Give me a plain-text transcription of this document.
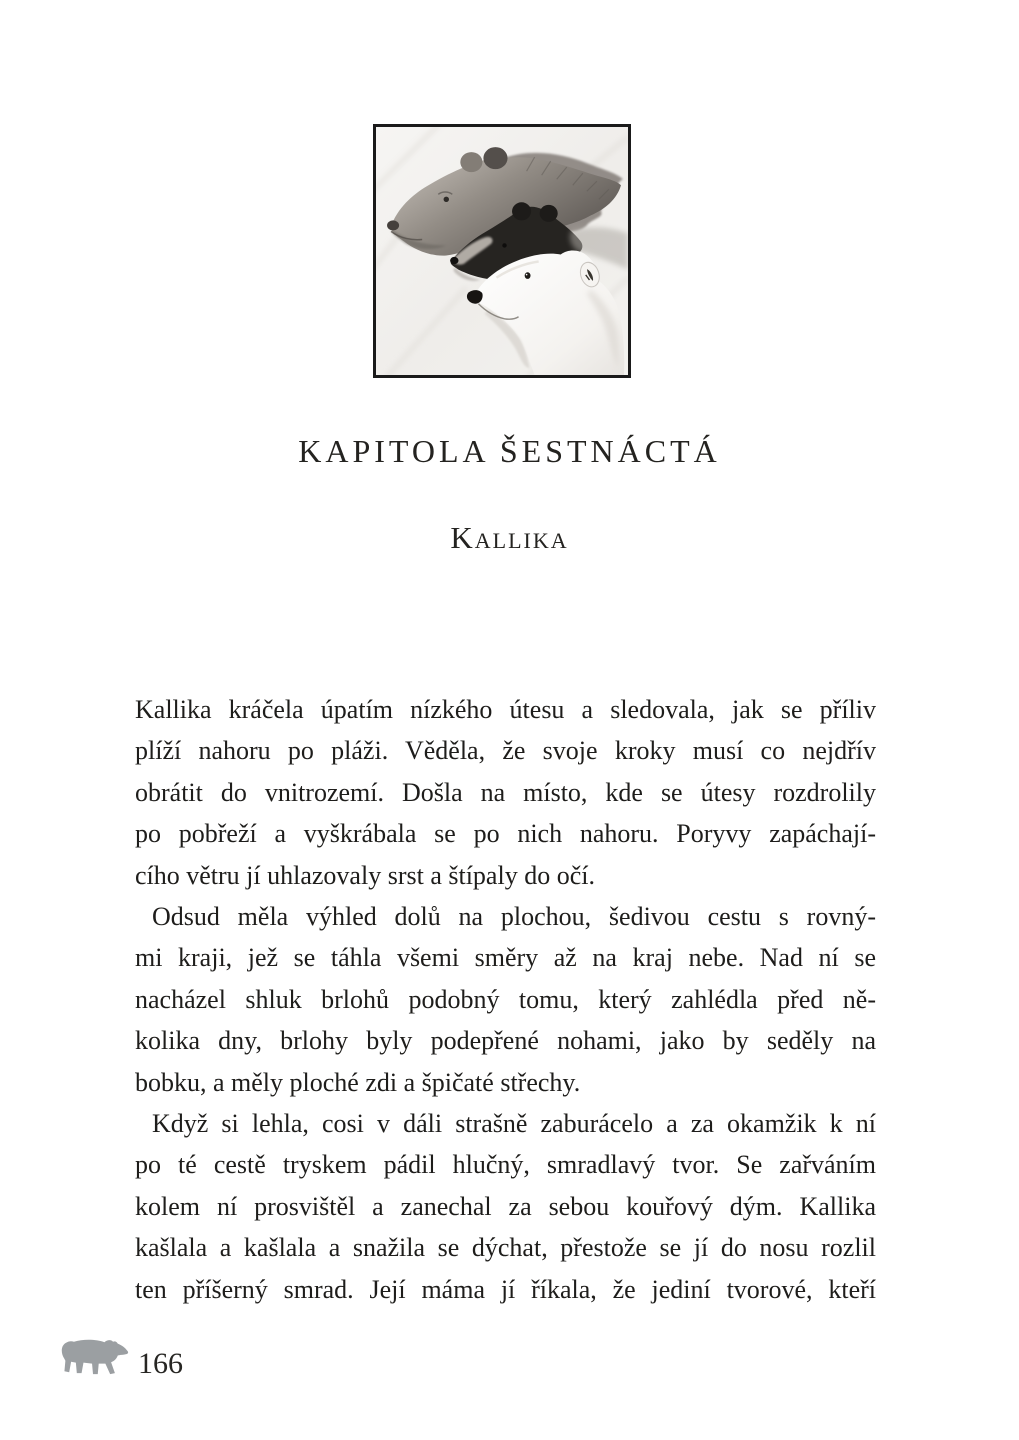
KAPITOLA ŠESTNÁCTÁ
Kallika
Kallika kráčela úpatím nízkého útesu a sledovala, jak se příliv
plíží nahoru po pláži. Věděla, že svoje kroky musí co nejdřív
obrátit do vnitrozemí. Došla na místo, kde se útesy rozdrolily
po pobřeží a vyškrábala se po nich nahoru. Poryvy zapáchají-
cího větru jí uhlazovaly srst a štípaly do očí.
Odsud měla výhled dolů na plochou, šedivou cestu s rovný-
mi kraji, jež se táhla všemi směry až na kraj nebe. Nad ní se
nacházel shluk brlohů podobný tomu, který zahlédla před ně-
kolika dny, brlohy byly podepřené nohami, jako by seděly na
bobku, a měly ploché zdi a špičaté střechy.
Když si lehla, cosi v dáli strašně zaburácelo a za okamžik k ní
po té cestě tryskem pádil hlučný, smradlavý tvor. Se zařváním
kolem ní prosvištěl a zanechal za sebou kouřový dým. Kallika
kašlala a kašlala a snažila se dýchat, přestože se jí do nosu rozlil
ten příšerný smrad. Její máma jí říkala, že jediní tvorové, kteří
166
